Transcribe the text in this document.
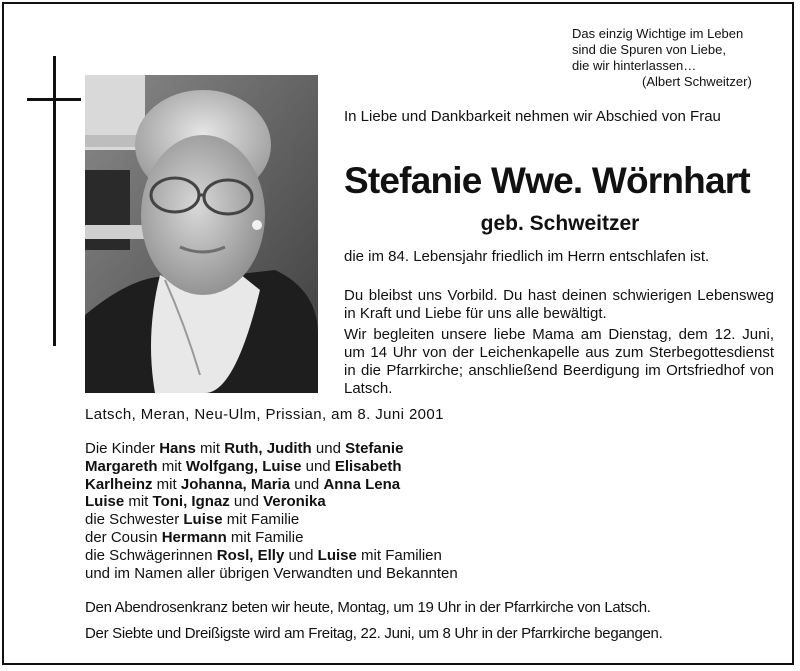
Das einzig Wichtige im Leben
sind die Spuren von Liebe,
die wir hinterlassen…

(Albert Schweitzer)
In Liebe und Dankbarkeit nehmen wir Abschied von Frau
Stefanie Wwe. Wörnhart
geb. Schweitzer
die im 84. Lebensjahr friedlich im Herrn entschlafen ist.
Du bleibst uns Vorbild. Du hast deinen schwierigen Lebensweg in Kraft und Liebe für uns alle bewältigt.
Wir begleiten unsere liebe Mama am Dienstag, dem 12. Juni, um 14 Uhr von der Leichenkapelle aus zum Sterbegottesdienst in die Pfarrkirche; anschließend Beerdigung im Ortsfriedhof von Latsch.
Latsch, Meran, Neu-Ulm, Prissian, am 8. Juni 2001
Die Kinder Hans mit Ruth, Judith und Stefanie
Margareth mit Wolfgang, Luise und Elisabeth
Karlheinz mit Johanna, Maria und Anna Lena
Luise mit Toni, Ignaz und Veronika
die Schwester Luise mit Familie
der Cousin Hermann mit Familie
die Schwägerinnen Rosl, Elly und Luise mit Familien
und im Namen aller übrigen Verwandten und Bekannten
Den Abendrosenkranz beten wir heute, Montag, um 19 Uhr in der Pfarrkirche von Latsch.
Der Siebte und Dreißigste wird am Freitag, 22. Juni, um 8 Uhr in der Pfarrkirche begangen.
